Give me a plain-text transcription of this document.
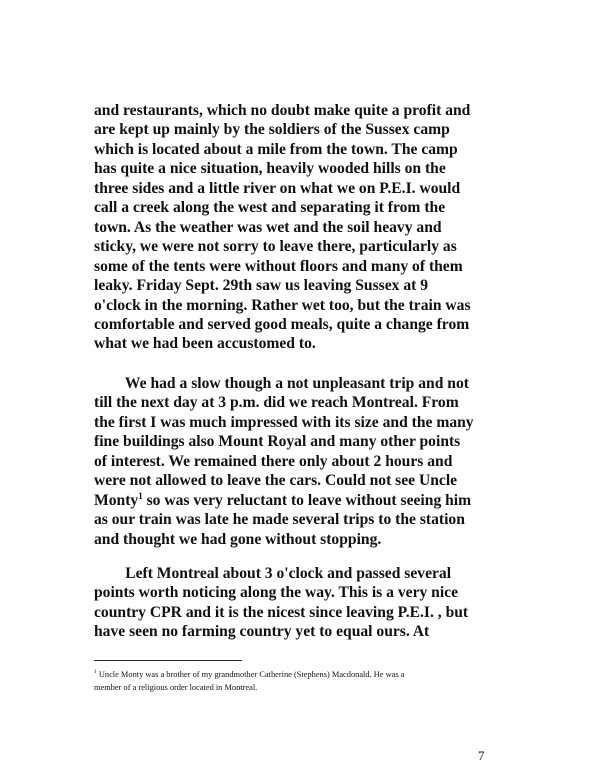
and restaurants, which no doubt make quite a profit and
are kept up mainly by the soldiers of the Sussex camp
which is located about a mile from the town. The camp
has quite a nice situation, heavily wooded hills on the
three sides and a little river on what we on P.E.I. would
call a creek along the west and separating it from the
town. As the weather was wet and the soil heavy and
sticky, we were not sorry to leave there, particularly as
some of the tents were without floors and many of them
leaky. Friday Sept. 29th saw us leaving Sussex at 9
o'clock in the morning. Rather wet too, but the train was
comfortable and served good meals, quite a change from
what we had been accustomed to.

We had a slow though a not unpleasant trip and not
till the next day at 3 p.m. did we reach Montreal. From
the first I was much impressed with its size and the many
fine buildings also Mount Royal and many other points
of interest. We remained there only about 2 hours and
were not allowed to leave the cars. Could not see Uncle
Monty$^1$ so was very reluctant to leave without seeing him
as our train was late he made several trips to the station
and thought we had gone without stopping.

Left Montreal about 3 o'clock and passed several
points worth noticing along the way. This is a very nice
country CPR and it is the nicest since leaving P.E.I. , but
have seen no farming country yet to equal ours. At

$^1$ Uncle Monty was a brother of my grandmother Catherine (Stephens) Macdonald. He was a
member of a religious order located in Montreal.

7
